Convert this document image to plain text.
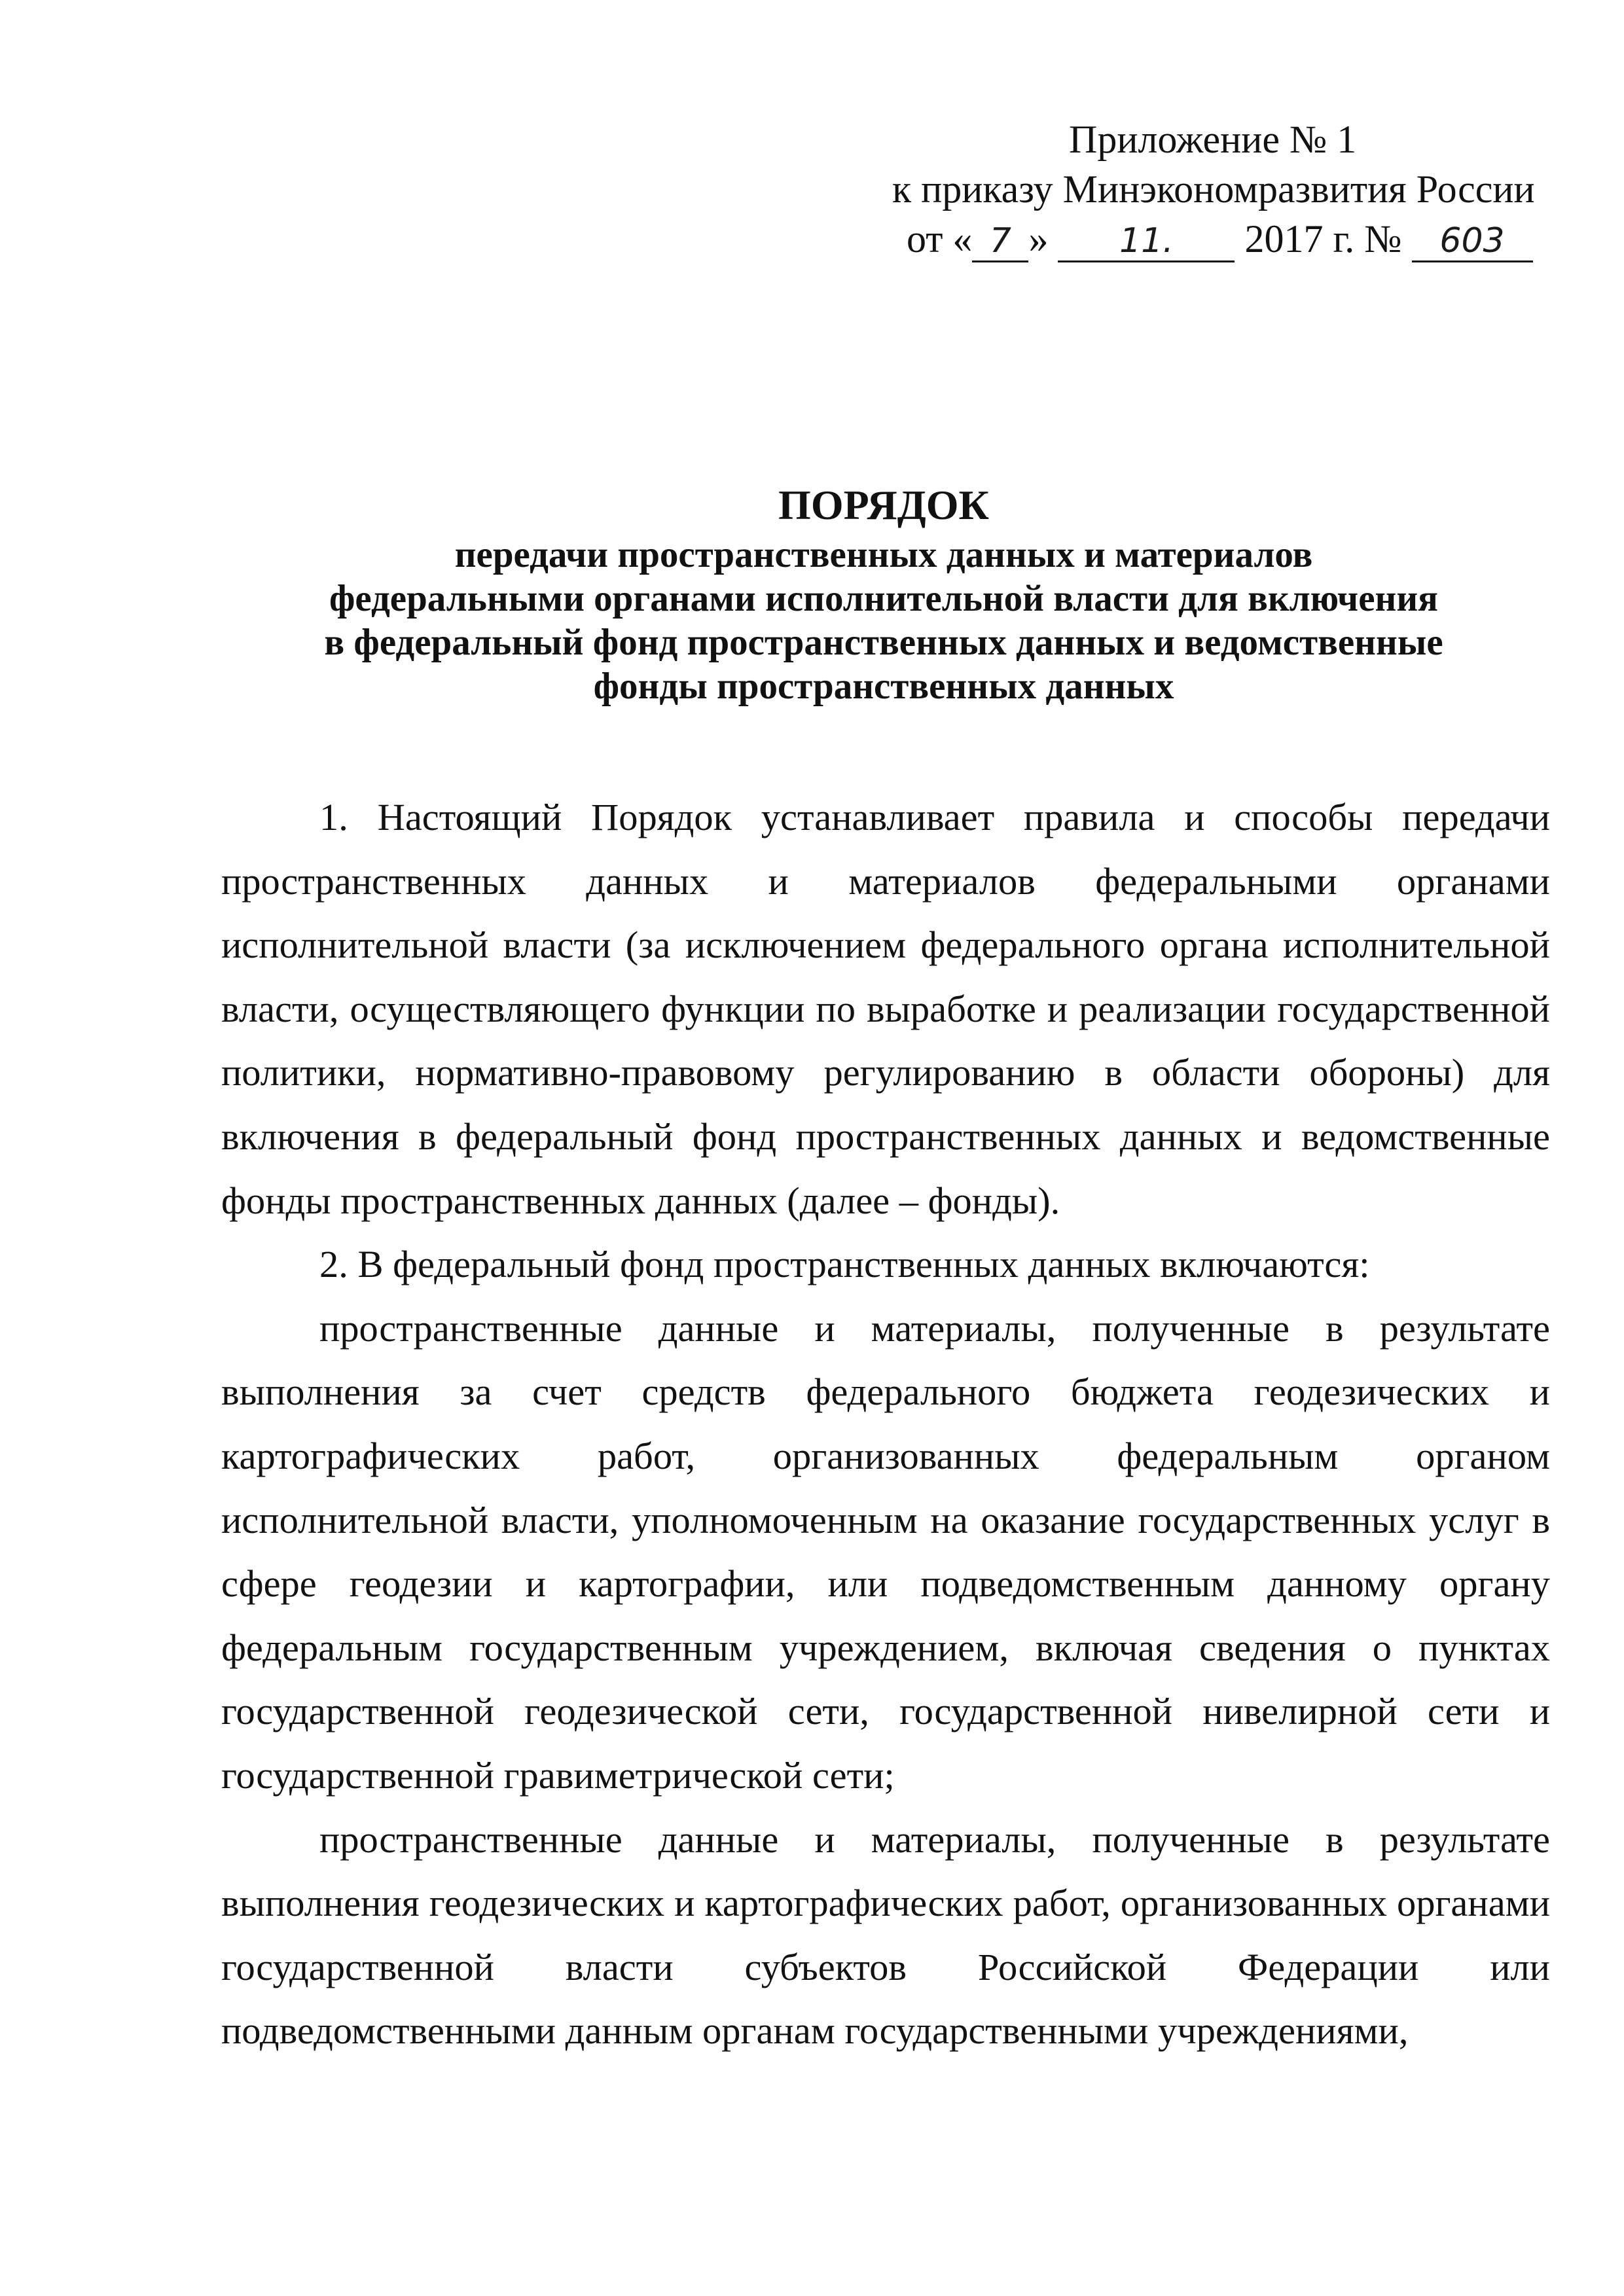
Приложение № 1
к приказу Минэкономразвития России
от « 7 » 11. 2017 г. № 603
ПОРЯДОК
передачи пространственных данных и материалов
федеральными органами исполнительной власти для включения
в федеральный фонд пространственных данных и ведомственные
фонды пространственных данных

1. Настоящий Порядок устанавливает правила и способы передачи пространственных данных и материалов федеральными органами исполнительной власти (за исключением федерального органа исполнительной власти, осуществляющего функции по выработке и реализации государственной политики, нормативно-правовому регулированию в области обороны) для включения в федеральный фонд пространственных данных и ведомственные фонды пространственных данных (далее – фонды).

2. В федеральный фонд пространственных данных включаются:

пространственные данные и материалы, полученные в результате выполнения за счет средств федерального бюджета геодезических и картографических работ, организованных федеральным органом исполнительной власти, уполномоченным на оказание государственных услуг в сфере геодезии и картографии, или подведомственным данному органу федеральным государственным учреждением, включая сведения о пунктах государственной геодезической сети, государственной нивелирной сети и государственной гравиметрической сети;

пространственные данные и материалы, полученные в результате выполнения геодезических и картографических работ, организованных органами государственной власти субъектов Российской Федерации или подведомственными данным органам государственными учреждениями,
